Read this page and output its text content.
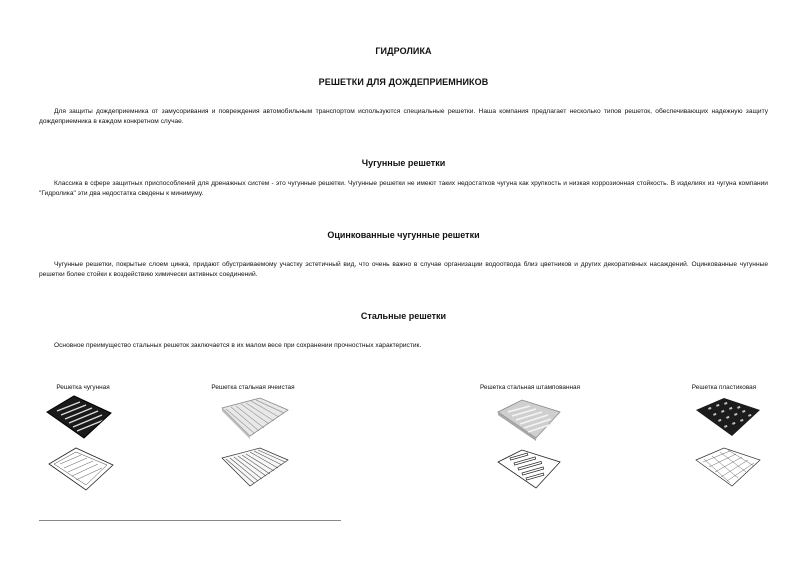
ГИДРОЛИКА
РЕШЕТКИ ДЛЯ ДОЖДЕПРИЕМНИКОВ
Для защиты дождеприемника от замусоривания и повреждения автомобильным транспортом используются специальные решетки. Наша компания предлагает несколько типов решеток, обеспечивающих надежную защиту дождеприемника в каждом конкретном случае.
Чугунные решетки
Классика в сфере защитных приспособлений для дренажных систем - это чугунные решетки. Чугунные решетки не имеют таких недостатков чугуна как хрупкость и низкая коррозионная стойкость. В изделиях из чугуна компании "Гидролика" эти два недостатка сведены к минимуму.
Оцинкованные чугунные решетки
Чугунные решетки, покрытые слоем цинка, придают обустраиваемому участку эстетичный вид, что очень важно в случае организации водоотвода близ цветников и других декоративных насаждений. Оцинкованные чугунные решетки более стойки к воздействию химически активных соединений.
Стальные решетки
Основное преимущество стальных решеток заключается в их малом весе при сохранении прочностных характеристик.
Решетка чугунная	Решетка стальная ячеистая	Решетка стальная штампованная	Решетка пластиковая
